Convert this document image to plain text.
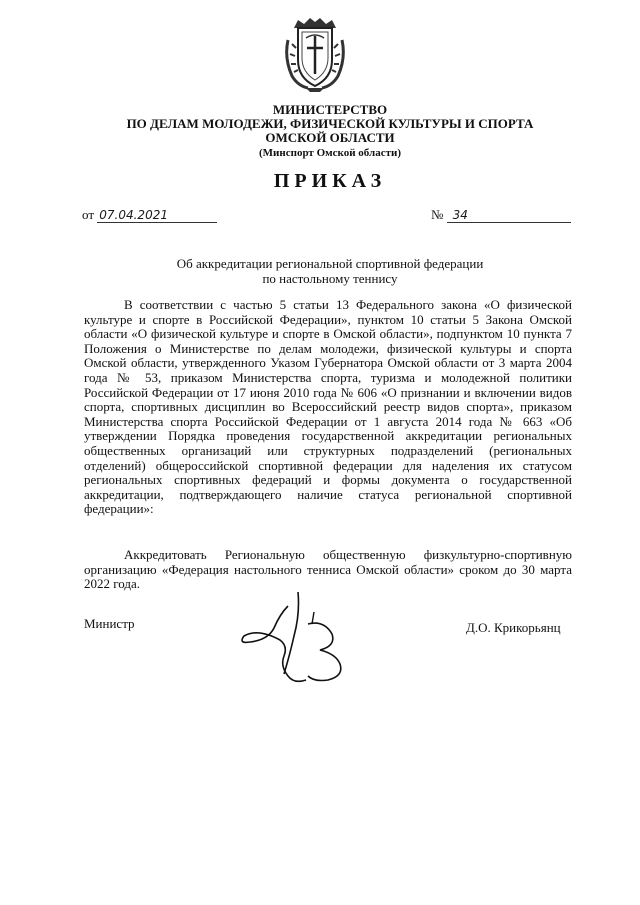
МИНИСТЕРСТВО
ПО ДЕЛАМ МОЛОДЕЖИ, ФИЗИЧЕСКОЙ КУЛЬТУРЫ И СПОРТА
ОМСКОЙ ОБЛАСТИ
(Минспорт Омской области)
ПРИКАЗ
от 07.04.2021	№ 34
Об аккредитации региональной спортивной федерации
по настольному теннису

В соответствии с частью 5 статьи 13 Федерального закона «О физической культуре и спорте в Российской Федерации», пунктом 10 статьи 5 Закона Омской области «О физической культуре и спорте в Омской области», подпунктом 10 пункта 7 Положения о Министерстве по делам молодежи, физической культуры и спорта Омской области, утвержденного Указом Губернатора Омской области от 3 марта 2004 года № 53, приказом Министерства спорта, туризма и молодежной политики Российской Федерации от 17 июня 2010 года № 606 «О признании и включении видов спорта, спортивных дисциплин во Всероссийский реестр видов спорта», приказом Министерства спорта Российской Федерации от 1 августа 2014 года № 663 «Об утверждении Порядка проведения государственной аккредитации региональных общественных организаций или структурных подразделений (региональных отделений) общероссийской спортивной федерации для наделения их статусом региональных спортивных федераций и формы документа о государственной аккредитации, подтверждающего наличие статуса региональной спортивной федерации»:

Аккредитовать Региональную общественную физкультурно-спортивную организацию «Федерация настольного тенниса Омской области» сроком до 30 марта 2022 года.

Министр	Д.О. Крикорьянц
